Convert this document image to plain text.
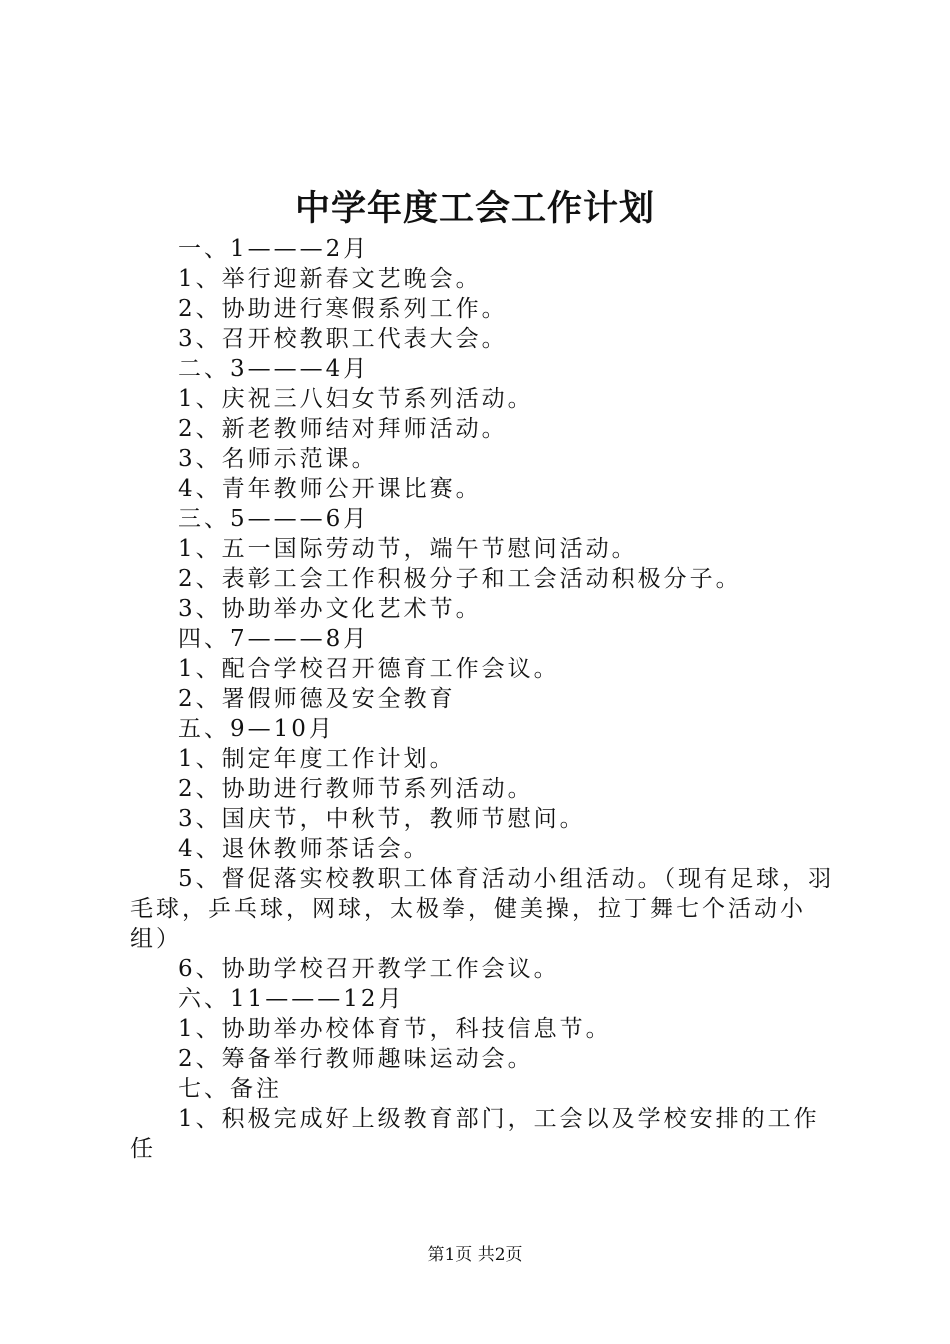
中学年度工会工作计划

一、1———2月

1、举行迎新春文艺晚会。

2、协助进行寒假系列工作。

3、召开校教职工代表大会。

二、3———4月

1、庆祝三八妇女节系列活动。

2、新老教师结对拜师活动。

3、名师示范课。

4、青年教师公开课比赛。

三、5———6月

1、五一国际劳动节，端午节慰问活动。

2、表彰工会工作积极分子和工会活动积极分子。

3、协助举办文化艺术节。

四、7———8月

1、配合学校召开德育工作会议。

2、署假师德及安全教育

五、9—10月

1、制定年度工作计划。

2、协助进行教师节系列活动。

3、国庆节，中秋节，教师节慰问。

4、退休教师茶话会。

5、督促落实校教职工体育活动小组活动。（现有足球，羽毛球，乒乓球，网球，太极拳，健美操，拉丁舞七个活动小组）

6、协助学校召开教学工作会议。

六、11———12月

1、协助举办校体育节，科技信息节。

2、筹备举行教师趣味运动会。

七、备注

1、积极完成好上级教育部门，工会以及学校安排的工作任

第1页 共2页
